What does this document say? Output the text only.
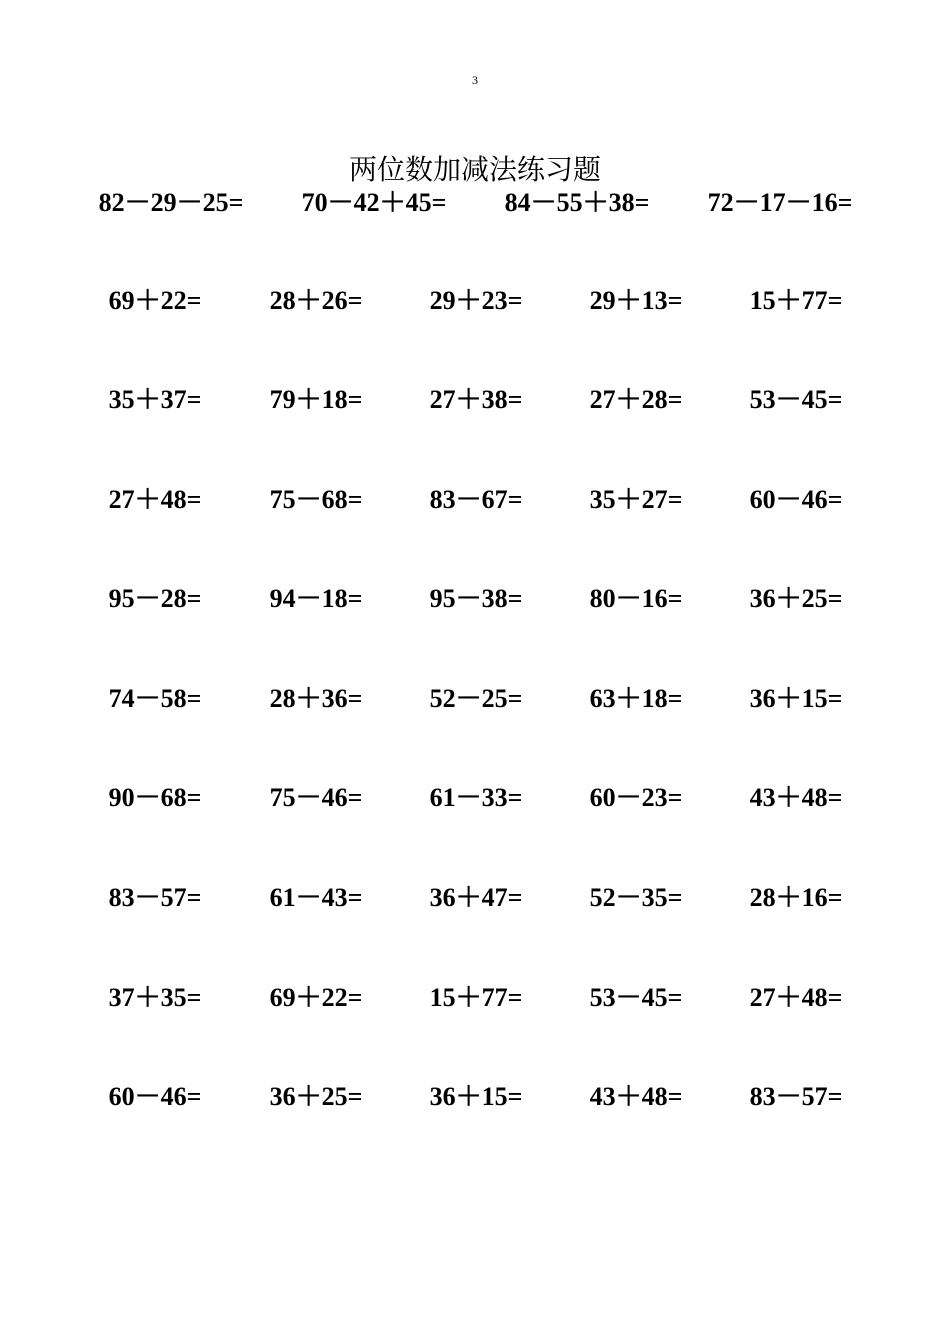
3
两位数加减法练习题
82－29－25=	70－42＋45=	84－55＋38=	72－17－16=
69＋22=	28＋26=	29＋23=	29＋13=	15＋77=
35＋37=	79＋18=	27＋38=	27＋28=	53－45=
27＋48=	75－68=	83－67=	35＋27=	60－46=
95－28=	94－18=	95－38=	80－16=	36＋25=
74－58=	28＋36=	52－25=	63＋18=	36＋15=
90－68=	75－46=	61－33=	60－23=	43＋48=
83－57=	61－43=	36＋47=	52－35=	28＋16=
37＋35=	69＋22=	15＋77=	53－45=	27＋48=
60－46=	36＋25=	36＋15=	43＋48=	83－57=
